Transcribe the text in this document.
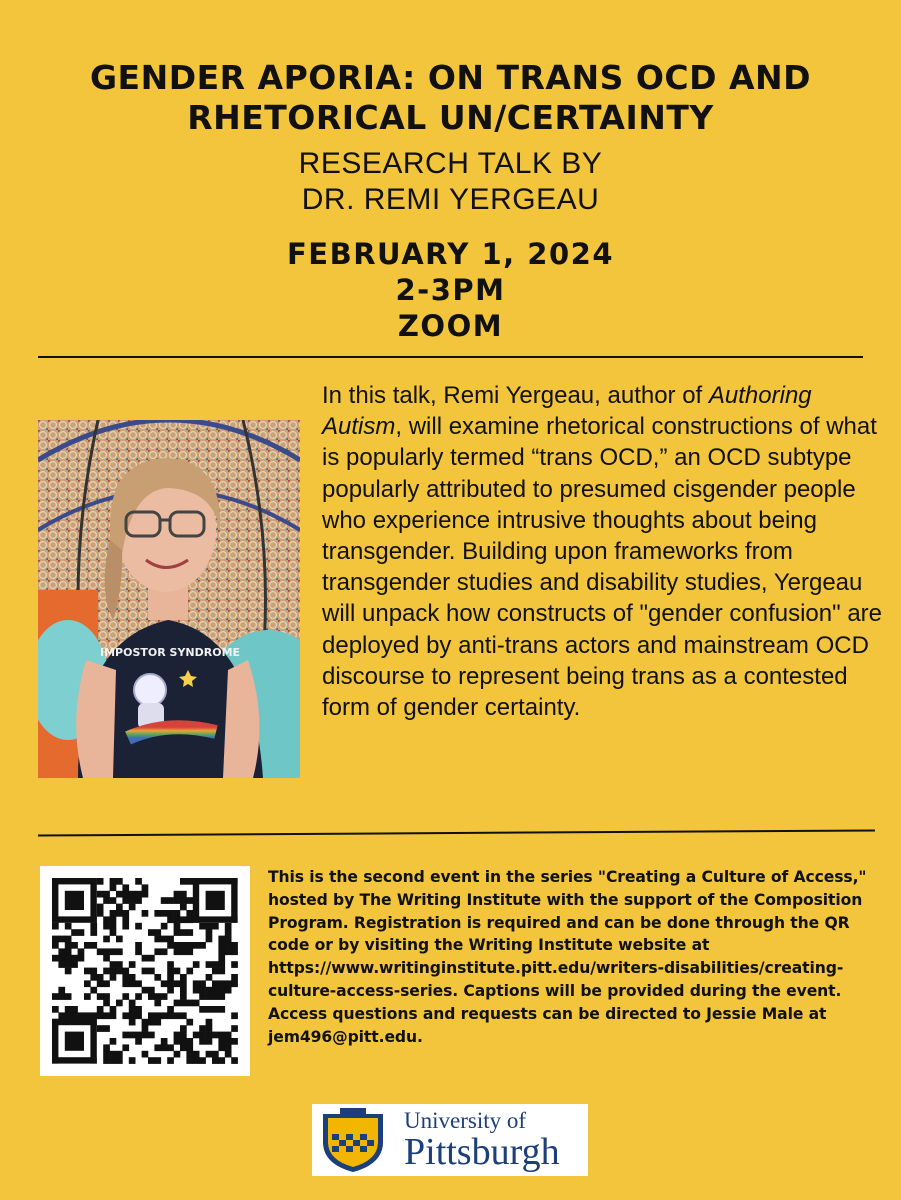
GENDER APORIA: ON TRANS OCD AND RHETORICAL UN/CERTAINTY
RESEARCH TALK BY
DR. REMI YERGEAU
FEBRUARY 1, 2024
2-3PM
ZOOM
IMPOSTOR SYNDROME
In this talk, Remi Yergeau, author of Authoring Autism, will examine rhetorical constructions of what is popularly termed “trans OCD,” an OCD subtype popularly attributed to presumed cisgender people who experience intrusive thoughts about being transgender. Building upon frameworks from transgender studies and disability studies, Yergeau will unpack how constructs of "gender confusion" are deployed by anti-trans actors and mainstream OCD discourse to represent being trans as a contested form of gender certainty.
This is the second event in the series "Creating a Culture of Access," hosted by The Writing Institute with the support of the Composition Program. Registration is required and can be done through the QR code or by visiting the Writing Institute website at https://www.writinginstitute.pitt.edu/writers-disabilities/creating-culture-access-series. Captions will be provided during the event. Access questions and requests can be directed to Jessie Male at jem496@pitt.edu.
University of
Pittsburgh
